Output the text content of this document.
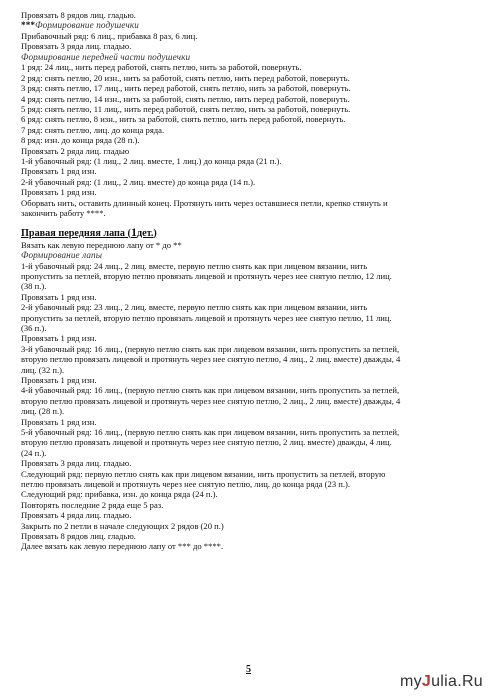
Провязать 8 рядов лиц. гладью.
***Формирование подушечки
Прибавочный ряд: 6 лиц., прибавка 8 раз, 6 лиц.
Провязать 3 ряда лиц. гладью.
Формирование передней части подушечки
1 ряд: 24 лиц., нить перед работой, снять петлю, нить за работой, повернуть.
2 ряд: снять петлю, 20 изн., нить за работой, снять петлю, нить перед работой, повернуть.
3 ряд: снять петлю, 17 лиц., нить перед работой, снять петлю, нить за работой, повернуть.
4 ряд: снять петлю, 14 изн., нить за работой, снять петлю, нить перед работой, повернуть.
5 ряд: снять петлю, 11 лиц., нить перед работой, снять петлю, нить за работой, повернуть.
6 ряд: снять петлю, 8 изн., нить за работой, снять петлю, нить перед работой, повернуть.
7 ряд: снять петлю, лиц. до конца ряда.
8 ряд: изн. до конца ряда (28 п.).
Провязать 2 ряда лиц. гладью
1-й убавочный ряд: (1 лиц., 2 лиц. вместе, 1 лиц.) до конца ряда (21 п.).
Провязать 1 ряд изн.
2-й убавочный ряд: (1 лиц., 2 лиц. вместе) до конца ряда (14 п.).
Провязать 1 ряд изн.
Оборвать нить, оставить длинный конец. Протянуть нить через оставшиеся петли, крепко стянуть и
закончить работу ****.
Правая передняя лапа (1дет.)
Вязать как левую переднюю лапу от * до **
Формирование лапы
1-й убавочный ряд: 24 лиц., 2 лиц. вместе, первую петлю снять как при лицевом вязании, нить
пропустить за петлей, вторую петлю провязать лицевой и протянуть через нее снятую петлю, 12 лиц.
(38 п.).
Провязать 1 ряд изн.
2-й убавочный ряд: 23 лиц., 2 лиц. вместе, первую петлю снять как при лицевом вязании, нить
пропустить за петлей, вторую петлю провязать лицевой и протянуть через нее снятую петлю, 11 лиц.
(36 п.).
Провязать 1 ряд изн.
3-й убавочный ряд: 16 лиц., (первую петлю снять как при лицевом вязании, нить пропустить за петлей,
вторую петлю провязать лицевой и протянуть через нее снятую петлю, 4 лиц., 2 лиц. вместе) дважды, 4
лиц. (32 п.).
Провязать 1 ряд изн.
4-й убавочный ряд: 16 лиц., (первую петлю снять как при лицевом вязании, нить пропустить за петлей,
вторую петлю провязать лицевой и протянуть через нее снятую петлю, 2 лиц., 2 лиц. вместе) дважды, 4
лиц. (28 п.).
Провязать 1 ряд изн.
5-й убавочный ряд: 16 лиц., (первую петлю снять как при лицевом вязании, нить пропустить за петлей,
вторую петлю провязать лицевой и протянуть через нее снятую петлю, 2 лиц. вместе) дважды, 4 лиц.
(24 п.).
Провязать 3 ряда лиц. гладью.
Следующий ряд: первую петлю снять как при лицевом вязании, нить пропустить за петлей, вторую
петлю провязать лицевой и протянуть через нее снятую петлю, лиц. до конца ряда (23 п.).
Следующий ряд: прибавка, изн. до конца ряда (24 п.).
Повторять последние 2 ряда еще 5 раз.
Провязать 4 ряда лиц. гладью.
Закрыть по 2 петли в начале следующих 2 рядов (20 п.)
Провязать 8 рядов лиц. гладью.
Далее вязать как левую переднюю лапу от *** до ****.
5
myJulia.Ru
